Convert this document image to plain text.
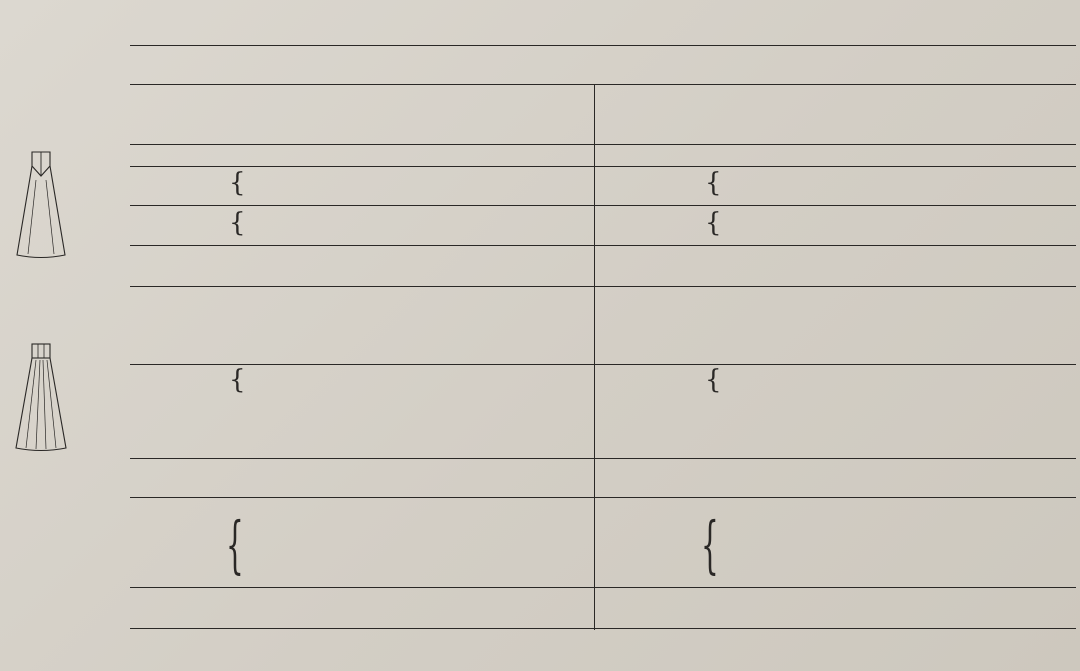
{
{
{
{
{
{
{	{
